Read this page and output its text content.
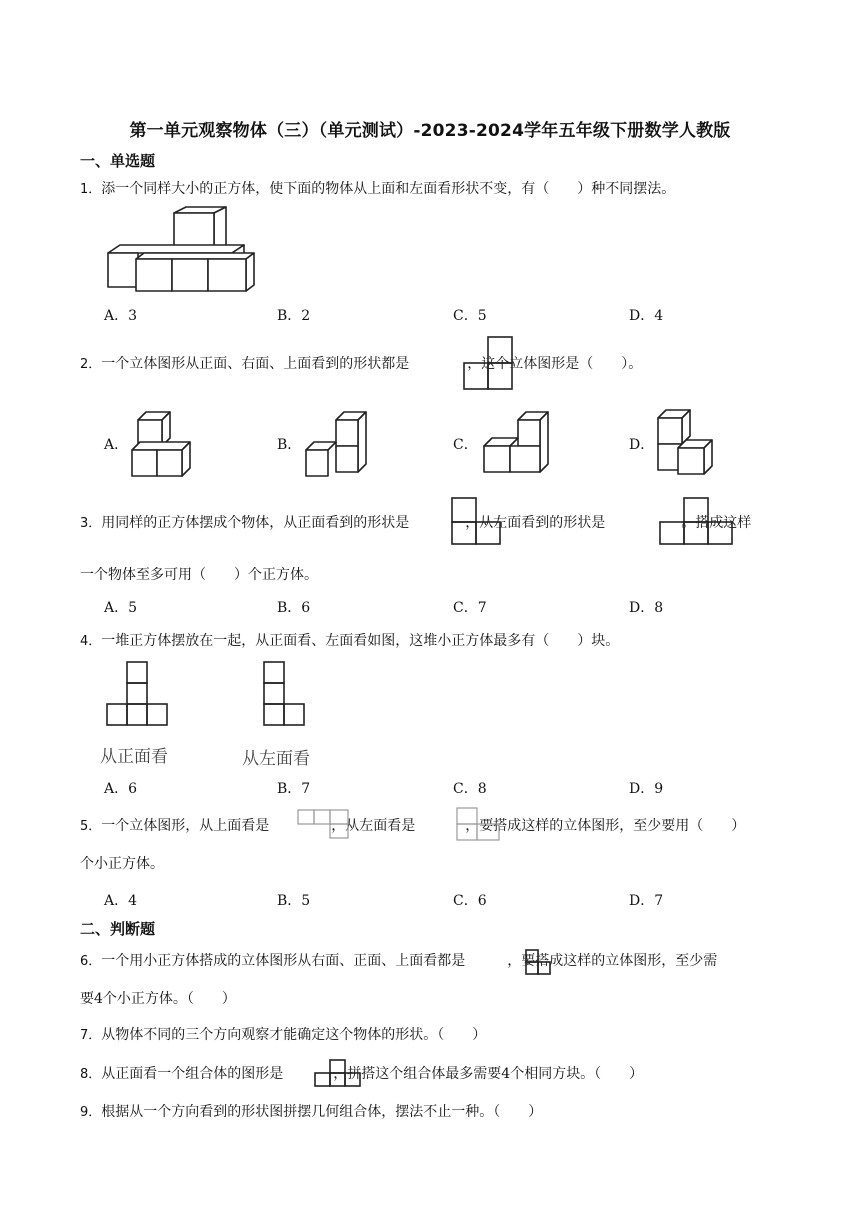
第一单元观察物体（三）（单元测试）-2023-2024学年五年级下册数学人教版
一、单选题
1．添一个同样大小的正方体，使下面的物体从上面和左面看形状不变，有（　　）种不同摆法。
A．3	B．2	C．5	D．4
2．一个立体图形从正面、右面、上面看到的形状都是	，这个立体图形是（　　）。
A．	B．	C．	D．
3．用同样的正方体摆成个物体，从正面看到的形状是	，从左面看到的形状是	。搭成这样
一个物体至多可用（　　）个正方体。
A．5	B．6	C．7	D．8
4．一堆正方体摆放在一起，从正面看、左面看如图，这堆小正方体最多有（　　）块。
从正面看	从左面看
A．6	B．7	C．8	D．9
5．一个立体图形，从上面看是	，从左面看是	，要搭成这样的立体图形，至少要用（　　）
个小正方体。
A．4	B．5	C．6	D．7
二、判断题
6．一个用小正方体搭成的立体图形从右面、正面、上面看都是	，要搭成这样的立体图形，至少需
要4个小正方体。（　　）
7．从物体不同的三个方向观察才能确定这个物体的形状。（　　）
8．从正面看一个组合体的图形是	，拼搭这个组合体最多需要4个相同方块。（　　）
9．根据从一个方向看到的形状图拼摆几何组合体，摆法不止一种。（　　）
